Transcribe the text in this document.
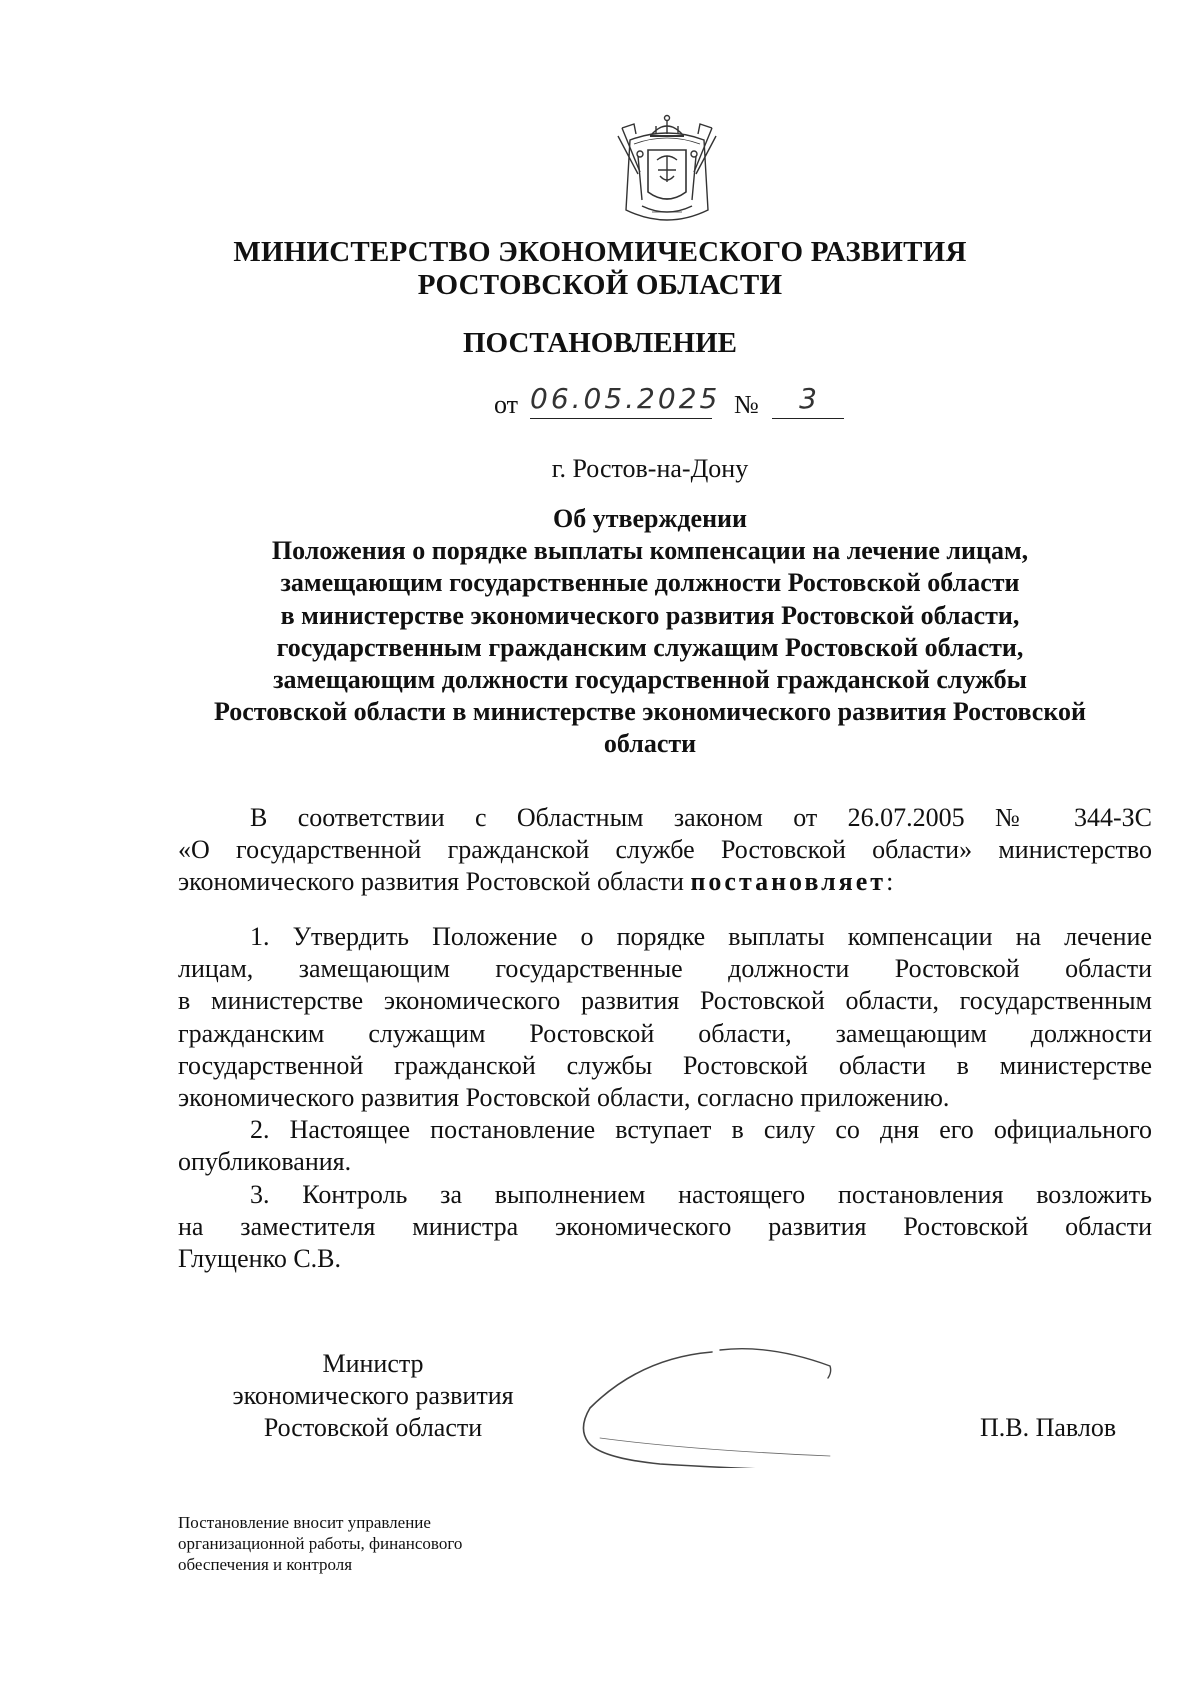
МИНИСТЕРСТВО ЭКОНОМИЧЕСКОГО РАЗВИТИЯ
РОСТОВСКОЙ ОБЛАСТИ
ПОСТАНОВЛЕНИЕ
от 06.05.2025 №	3
г. Ростов-на-Дону
Об утверждении
Положения о порядке выплаты компенсации на лечение лицам,
замещающим государственные должности Ростовской области
в министерстве экономического развития Ростовской области,
государственным гражданским служащим Ростовской области,
замещающим должности государственной гражданской службы
Ростовской области в министерстве экономического развития Ростовской
области
В соответствии с Областным законом от 26.07.2005 № 344-ЗС
«О государственной гражданской службе Ростовской области» министерство
экономического развития Ростовской области постановляет:
1. Утвердить Положение о порядке выплаты компенсации на лечение
лицам, замещающим государственные должности Ростовской области
в министерстве экономического развития Ростовской области, государственным
гражданским служащим Ростовской области, замещающим должности
государственной гражданской службы Ростовской области в министерстве
экономического развития Ростовской области, согласно приложению.
2. Настоящее постановление вступает в силу со дня его официального
опубликования.
3. Контроль за выполнением настоящего постановления возложить
на заместителя министра экономического развития Ростовской области
Глущенко С.В.
Министр
экономического развития
Ростовской области	П.В. Павлов
Постановление вносит управление
организационной работы, финансового
обеспечения и контроля
